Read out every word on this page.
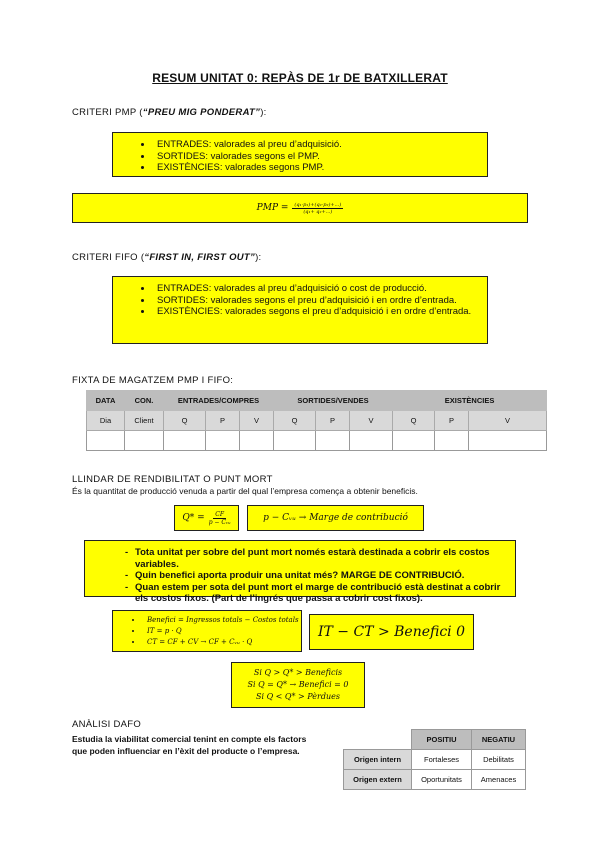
RESUM UNITAT 0: REPÀS DE 1r DE BATXILLERAT
CRITERI PMP (“PREU MIG PONDERAT”):
• ENTRADES: valorades al preu d’adquisició.
• SORTIDES: valorades segons el PMP.
• EXISTÈNCIES: valorades segons PMP.
PMP = $\frac{\text{(q₁·p₁)+(q₂·p₂)+...)}}{\text{(q₁+ q₂+...)}}$
CRITERI FIFO (“FIRST IN, FIRST OUT”):
• ENTRADES: valorades al preu d’adquisició o cost de producció.
• SORTIDES: valorades segons el preu d’adquisició i en ordre d’entrada.
• EXISTÈNCIES: valorades segons el preu d’adquisició i en ordre d’entrada.
FIXTA DE MAGATZEM PMP I FIFO:
DATA	CON.	ENTRADES/COMPRES			SORTIDES/VENDES			EXISTÈNCIES		
Dia	Client	Q	P	V	Q	P	V	Q	P	V

LLINDAR DE RENDIBILITAT O PUNT MORT
És la quantitat de producció venuda a partir del qual l’empresa comença a obtenir beneficis.
$Q* = \frac{CF}{\text{p − Cᵥᵤ}}$	p − Cᵥᵤ → Marge de contribució
- Tota unitat per sobre del punt mort només estarà destinada a cobrir els costos variables.
- Quin benefici aporta produir una unitat més? MARGE DE CONTRIBUCIÓ.
- Quan estem per sota del punt mort el marge de contribució està destinat a cobrir els costos fixos. (Part de l’ingrés que passa a cobrir cost fixos).
• Benefici = Ingressos totals − Costos totals
• IT = p · Q
• CT = CF + CV → CF + Cᵥᵤ · Q
IT − CT > Benefici 0
Si Q > Q* > Beneficis
Si Q = Q* → Benefici = 0
Si Q < Q* > Pèrdues
ANÀLISI DAFO
Estudia la viabilitat comercial tenint en compte els factors
que poden influenciar en l’èxit del producte o l’empresa.
	POSITIU	NEGATIU
Origen intern	Fortaleses	Debilitats
Origen extern	Oportunitats	Amenaces
